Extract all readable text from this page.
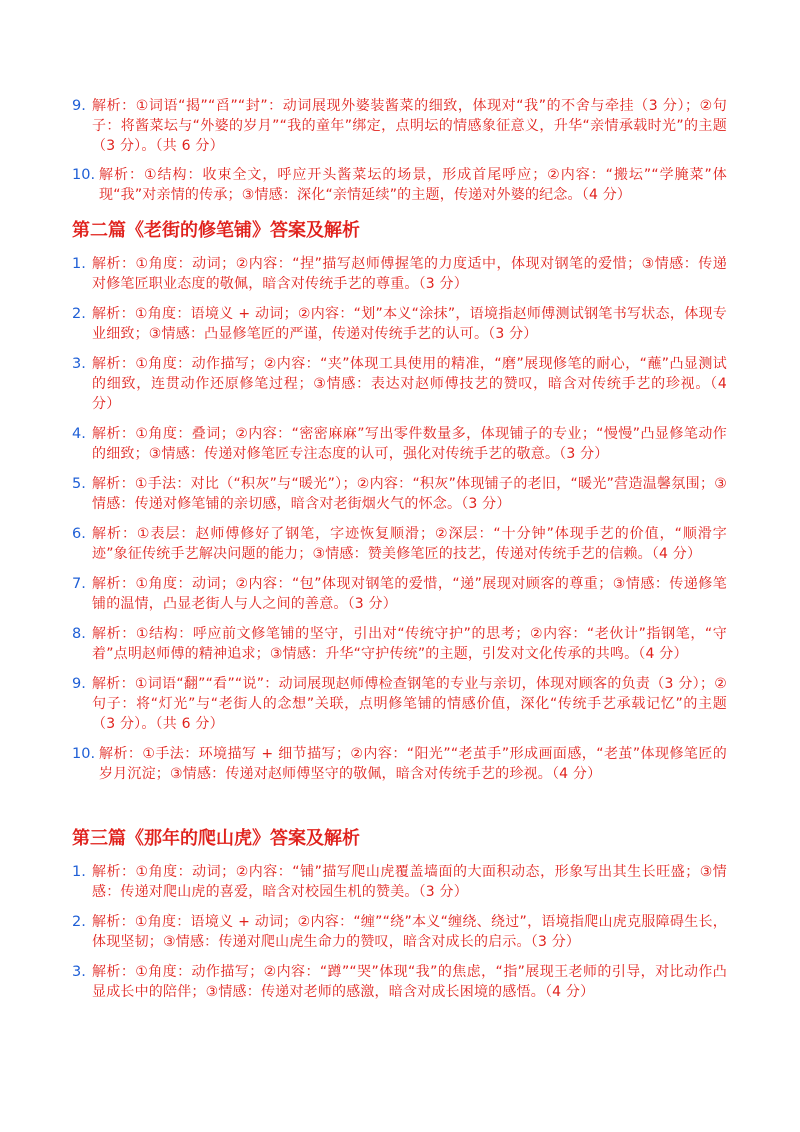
9. 解析：①词语“揭”“舀”“封”：动词展现外婆装酱菜的细致，体现对“我”的不舍与牵挂（3 分）；②句子：将酱菜坛与“外婆的岁月”“我的童年”绑定，点明坛的情感象征意义，升华“亲情承载时光”的主题（3 分）。（共 6 分）
10. 解析：①结构：收束全文，呼应开头酱菜坛的场景，形成首尾呼应；②内容：“搬坛”“学腌菜”体现“我”对亲情的传承；③情感：深化“亲情延续”的主题，传递对外婆的纪念。（4 分）
第二篇《老街的修笔铺》答案及解析
1. 解析：①角度：动词；②内容：“捏”描写赵师傅握笔的力度适中，体现对钢笔的爱惜；③情感：传递对修笔匠职业态度的敬佩，暗含对传统手艺的尊重。（3 分）
2. 解析：①角度：语境义 + 动词；②内容：“划”本义“涂抹”，语境指赵师傅测试钢笔书写状态，体现专业细致；③情感：凸显修笔匠的严谨，传递对传统手艺的认可。（3 分）
3. 解析：①角度：动作描写；②内容：“夹”体现工具使用的精准，“磨”展现修笔的耐心，“蘸”凸显测试的细致，连贯动作还原修笔过程；③情感：表达对赵师傅技艺的赞叹，暗含对传统手艺的珍视。（4 分）
4. 解析：①角度：叠词；②内容：“密密麻麻”写出零件数量多，体现铺子的专业；“慢慢”凸显修笔动作的细致；③情感：传递对修笔匠专注态度的认可，强化对传统手艺的敬意。（3 分）
5. 解析：①手法：对比（“积灰”与“暖光”）；②内容：“积灰”体现铺子的老旧，“暖光”营造温馨氛围；③情感：传递对修笔铺的亲切感，暗含对老街烟火气的怀念。（3 分）
6. 解析：①表层：赵师傅修好了钢笔，字迹恢复顺滑；②深层：“十分钟”体现手艺的价值，“顺滑字迹”象征传统手艺解决问题的能力；③情感：赞美修笔匠的技艺，传递对传统手艺的信赖。（4 分）
7. 解析：①角度：动词；②内容：“包”体现对钢笔的爱惜，“递”展现对顾客的尊重；③情感：传递修笔铺的温情，凸显老街人与人之间的善意。（3 分）
8. 解析：①结构：呼应前文修笔铺的坚守，引出对“传统守护”的思考；②内容：“老伙计”指钢笔，“守着”点明赵师傅的精神追求；③情感：升华“守护传统”的主题，引发对文化传承的共鸣。（4 分）
9. 解析：①词语“翻”“看”“说”：动词展现赵师傅检查钢笔的专业与亲切，体现对顾客的负责（3 分）；②句子：将“灯光”与“老街人的念想”关联，点明修笔铺的情感价值，深化“传统手艺承载记忆”的主题（3 分）。（共 6 分）
10. 解析：①手法：环境描写 + 细节描写；②内容：“阳光”“老茧手”形成画面感，“老茧”体现修笔匠的岁月沉淀；③情感：传递对赵师傅坚守的敬佩，暗含对传统手艺的珍视。（4 分）
第三篇《那年的爬山虎》答案及解析
1. 解析：①角度：动词；②内容：“铺”描写爬山虎覆盖墙面的大面积动态，形象写出其生长旺盛；③情感：传递对爬山虎的喜爱，暗含对校园生机的赞美。（3 分）
2. 解析：①角度：语境义 + 动词；②内容：“缠”“绕”本义“缠绕、绕过”，语境指爬山虎克服障碍生长，体现坚韧；③情感：传递对爬山虎生命力的赞叹，暗含对成长的启示。（3 分）
3. 解析：①角度：动作描写；②内容：“蹲”“哭”体现“我”的焦虑，“指”展现王老师的引导，对比动作凸显成长中的陪伴；③情感：传递对老师的感激，暗含对成长困境的感悟。（4 分）
